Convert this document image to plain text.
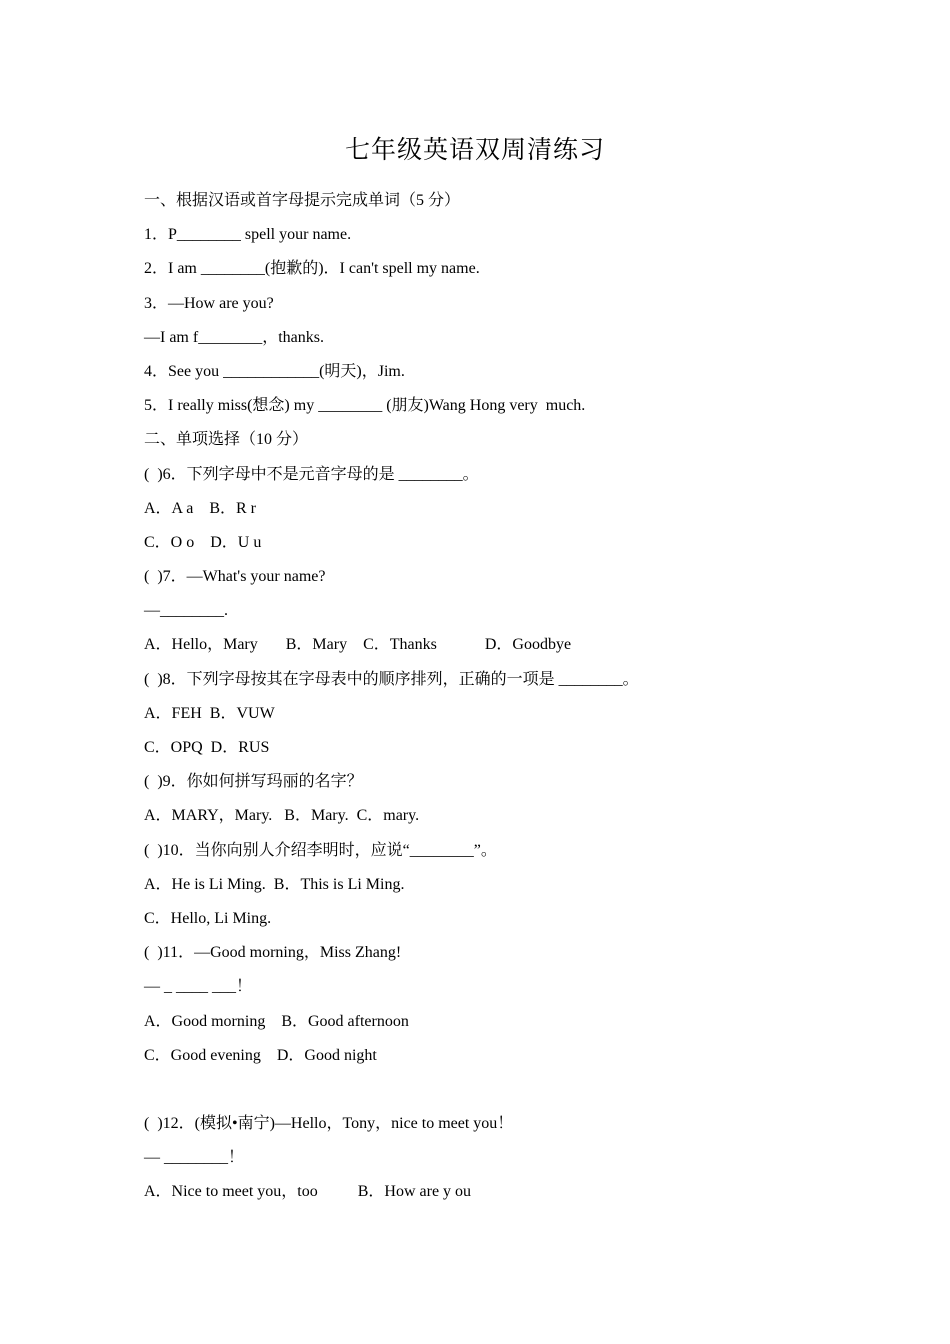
七年级英语双周清练习
一、根据汉语或首字母提示完成单词（5 分）
1．P________ spell your name.
2．I am ________(抱歉的)．I can't spell my name.
3．—How are you?
—I am f________，thanks.
4．See you ____________(明天)，Jim.
5．I really miss(想念) my ________ (朋友)Wang Hong very  much.
二、单项选择（10 分）
(  )6．下列字母中不是元音字母的是 ________。
A．A a    B．R r
C．O o    D．U u
(  )7．—What's your name?
—________.
A．Hello，Mary       B．Mary    C．Thanks            D．Goodbye
(  )8．下列字母按其在字母表中的顺序排列，正确的一项是 ________。
A．FEH  B．VUW
C．OPQ  D．RUS
(  )9．你如何拼写玛丽的名字？
A．MARY，Mary.   B．Mary.  C．mary.
(  )10．当你向别人介绍李明时，应说“________”。
A．He is Li Ming.  B．This is Li Ming.
C．Hello, Li Ming.
(  )11．—Good morning，Miss Zhang!
— _ ____ ___！
A．Good morning    B．Good afternoon
C．Good evening    D．Good night
(  )12．(模拟•南宁)—Hello，Tony，nice to meet you！
— ________！
A．Nice to meet you，too          B．How are y ou
